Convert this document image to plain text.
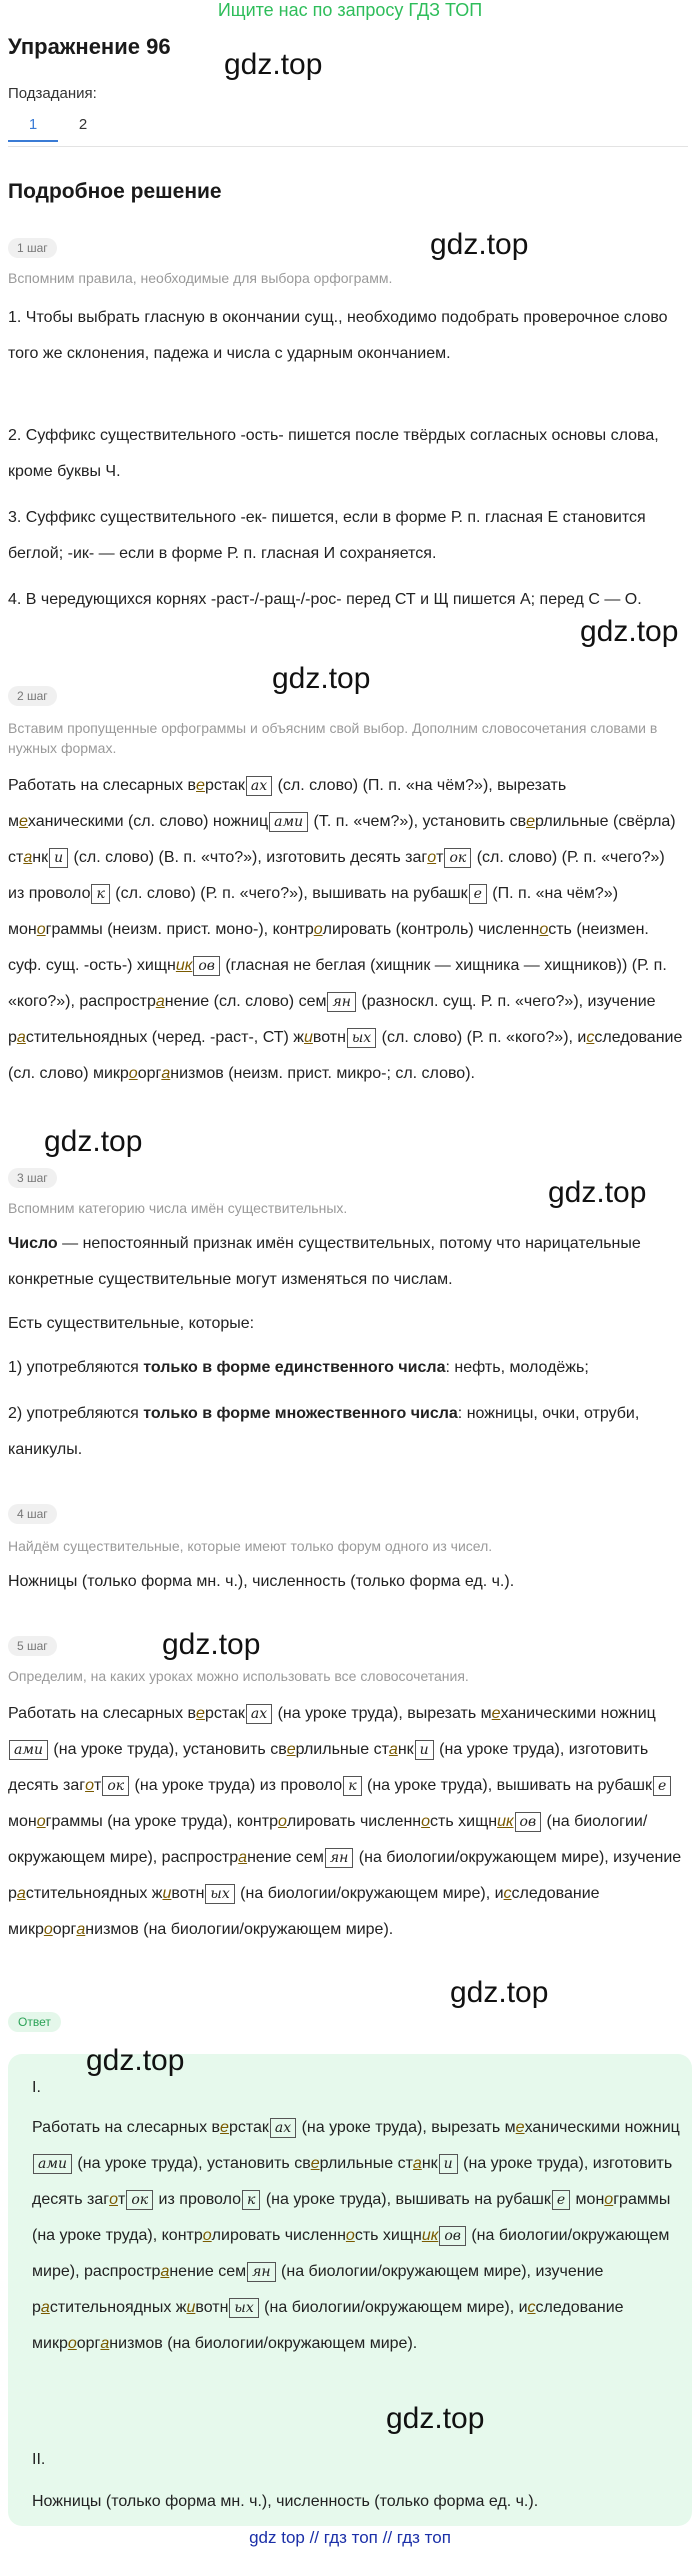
Ищите нас по запросу ГДЗ ТОП
Упражнение 96
gdz.top
Подзадания:
1	2
Подробное решение
1 шаг	gdz.top
Вспомним правила, необходимые для выбора орфограмм.
1. Чтобы выбрать гласную в окончании сущ., необходимо подобрать проверочное слово того же склонения, падежа и числа с ударным окончанием.
2. Суффикс существительного -ость- пишется после твёрдых согласных основы слова, кроме буквы Ч.
3. Суффикс существительного -ек- пишется, если в форме Р. п. гласная Е становится беглой; -ик- — если в форме Р. п. гласная И сохраняется.
4. В чередующихся корнях -раст-/-ращ-/-рос- перед СТ и Щ пишется А; перед С — О.
gdz.top
gdz.top
2 шаг
Вставим пропущенные орфограммы и объясним свой выбор. Дополним словосочетания словами в нужных формах.
Работать на слесарных верстак ах (сл. слово) (П. п. «на чём?»), вырезать механическими (сл. слово) ножниц ами (Т. п. «чем?»), установить сверлильные (свёрла) станк и (сл. слово) (В. п. «что?»), изготовить десять загот ок (сл. слово) (Р. п. «чего?») из проволо к (сл. слово) (Р. п. «чего?»), вышивать на рубашк е (П. п. «на чём?») монограммы (неизм. прист. моно-), контролировать (контроль) численность (неизмен. суф. сущ. -ость-) хищник ов (гласная не беглая (хищник — хищника — хищников)) (Р. п. «кого?»), распространение (сл. слово) сем ян (разноскл. сущ. Р. п. «чего?»), изучение растительноядных (черед. -раст-, СТ) животн ых (сл. слово) (Р. п. «кого?»), исследование (сл. слово) микроорганизмов (неизм. прист. микро-; сл. слово).
gdz.top
3 шаг	gdz.top
Вспомним категорию числа имён существительных.
Число — непостоянный признак имён существительных, потому что нарицательные конкретные существительные могут изменяться по числам.
Есть существительные, которые:
1) употребляются только в форме единственного числа: нефть, молодёжь;
2) употребляются только в форме множественного числа: ножницы, очки, отруби, каникулы.
4 шаг
Найдём существительные, которые имеют только форум одного из чисел.
Ножницы (только форма мн. ч.), численность (только форма ед. ч.).
5 шаг	gdz.top
Определим, на каких уроках можно использовать все словосочетания.
Работать на слесарных верстак ах (на уроке труда), вырезать механическими ножницами (на уроке труда), установить сверлильные станк и (на уроке труда), изготовить десять загот ок (на уроке труда) из проволо к (на уроке труда), вышивать на рубашк е монограммы (на уроке труда), контролировать численность хищник ов (на биологии/окружающем мире), распространение сем ян (на биологии/окружающем мире), изучение растительноядных животн ых (на биологии/окружающем мире), исследование микроорганизмов (на биологии/окружающем мире).
gdz.top
Ответ
gdz.top
I.
Работать на слесарных верстак ах (на уроке труда), вырезать механическими ножницами (на уроке труда), установить сверлильные станк и (на уроке труда), изготовить десять загот ок из проволо к (на уроке труда), вышивать на рубашк е монограммы (на уроке труда), контролировать численность хищник ов (на биологии/окружающем мире), распространение сем ян (на биологии/окружающем мире), изучение растительноядных животн ых (на биологии/окружающем мире), исследование микроорганизмов (на биологии/окружающем мире).
gdz.top
II.
Ножницы (только форма мн. ч.), численность (только форма ед. ч.).
gdz top // гдз топ // гдз топ
